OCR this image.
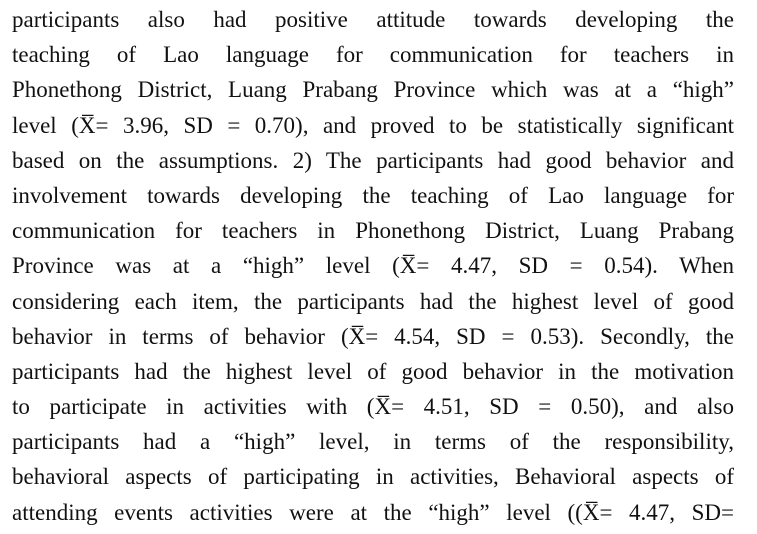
participants also had positive attitude towards developing the
teaching of Lao language for communication for teachers in
Phonethong District, Luang Prabang Province which was at a “high”
level (X̅= 3.96, SD = 0.70), and proved to be statistically significant
based on the assumptions. 2) The participants had good behavior and
involvement towards developing the teaching of Lao language for
communication for teachers in Phonethong District, Luang Prabang
Province was at a “high” level (X̅= 4.47, SD = 0.54). When
considering each item, the participants had the highest level of good
behavior in terms of behavior (X̅= 4.54, SD = 0.53). Secondly, the
participants had the highest level of good behavior in the motivation
to participate in activities with (X̅= 4.51, SD = 0.50), and also
participants had a “high” level, in terms of the responsibility,
behavioral aspects of participating in activities, Behavioral aspects of
attending events activities were at the “high” level ((X̅= 4.47, SD=
